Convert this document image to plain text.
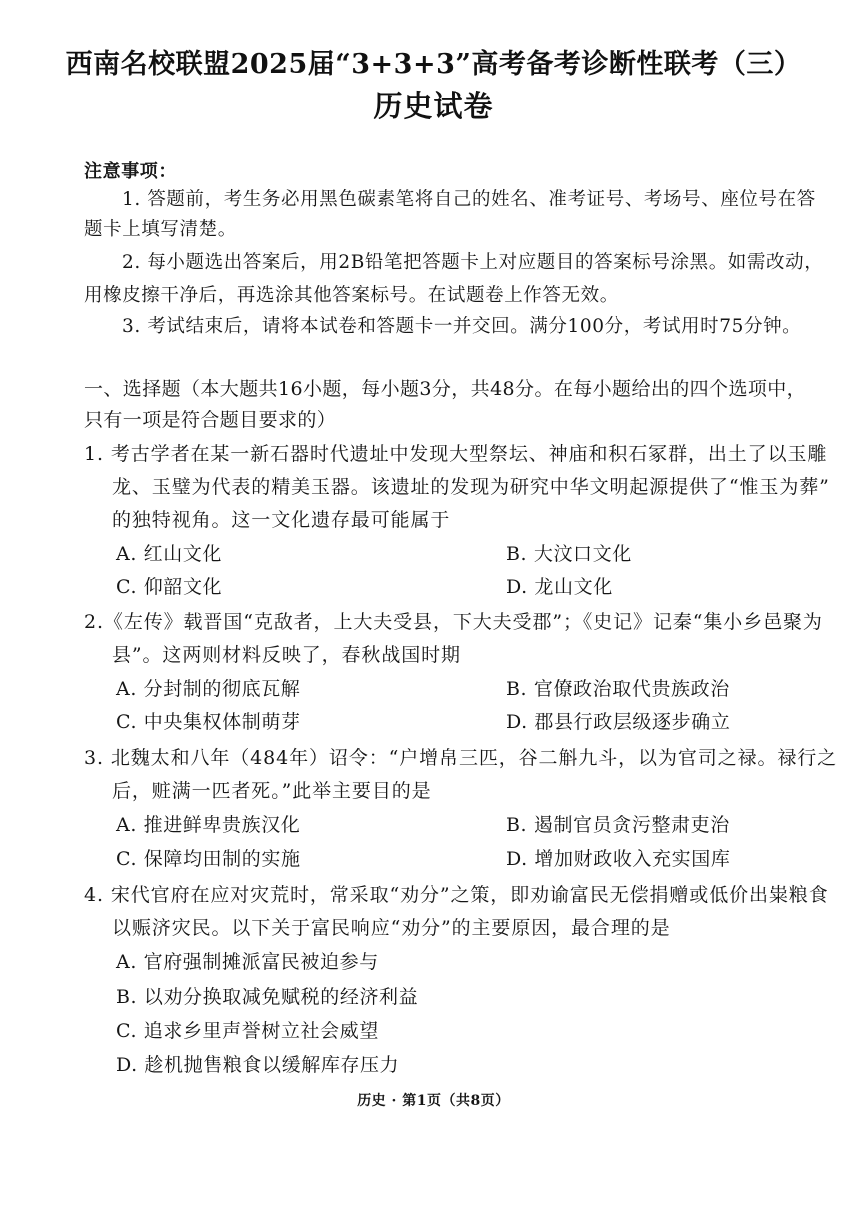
西南名校联盟2025届“3+3+3”高考备考诊断性联考（三）
历史试卷
注意事项：
1. 答题前，考生务必用黑色碳素笔将自己的姓名、准考证号、考场号、座位号在答
题卡上填写清楚。
2. 每小题选出答案后，用2B铅笔把答题卡上对应题目的答案标号涂黑。如需改动，
用橡皮擦干净后，再选涂其他答案标号。在试题卷上作答无效。
3. 考试结束后，请将本试卷和答题卡一并交回。满分100分，考试用时75分钟。
一、选择题（本大题共16小题，每小题3分，共48分。在每小题给出的四个选项中，
只有一项是符合题目要求的）
1. 考古学者在某一新石器时代遗址中发现大型祭坛、神庙和积石冢群，出土了以玉雕
龙、玉璧为代表的精美玉器。该遗址的发现为研究中华文明起源提供了“惟玉为葬”
的独特视角。这一文化遗存最可能属于
A. 红山文化	B. 大汶口文化
C. 仰韶文化	D. 龙山文化
2.《左传》载晋国“克敌者，上大夫受县，下大夫受郡”；《史记》记秦“集小乡邑聚为
县”。这两则材料反映了，春秋战国时期
A. 分封制的彻底瓦解	B. 官僚政治取代贵族政治
C. 中央集权体制萌芽	D. 郡县行政层级逐步确立
3. 北魏太和八年（484年）诏令：“户增帛三匹，谷二斛九斗，以为官司之禄。禄行之
后，赃满一匹者死。”此举主要目的是
A. 推进鲜卑贵族汉化	B. 遏制官员贪污整肃吏治
C. 保障均田制的实施	D. 增加财政收入充实国库
4. 宋代官府在应对灾荒时，常采取“劝分”之策，即劝谕富民无偿捐赠或低价出粜粮食
以赈济灾民。以下关于富民响应“劝分”的主要原因，最合理的是
A. 官府强制摊派富民被迫参与
B. 以劝分换取减免赋税的经济利益
C. 追求乡里声誉树立社会威望
D. 趁机抛售粮食以缓解库存压力
历史 · 第1页（共8页）
